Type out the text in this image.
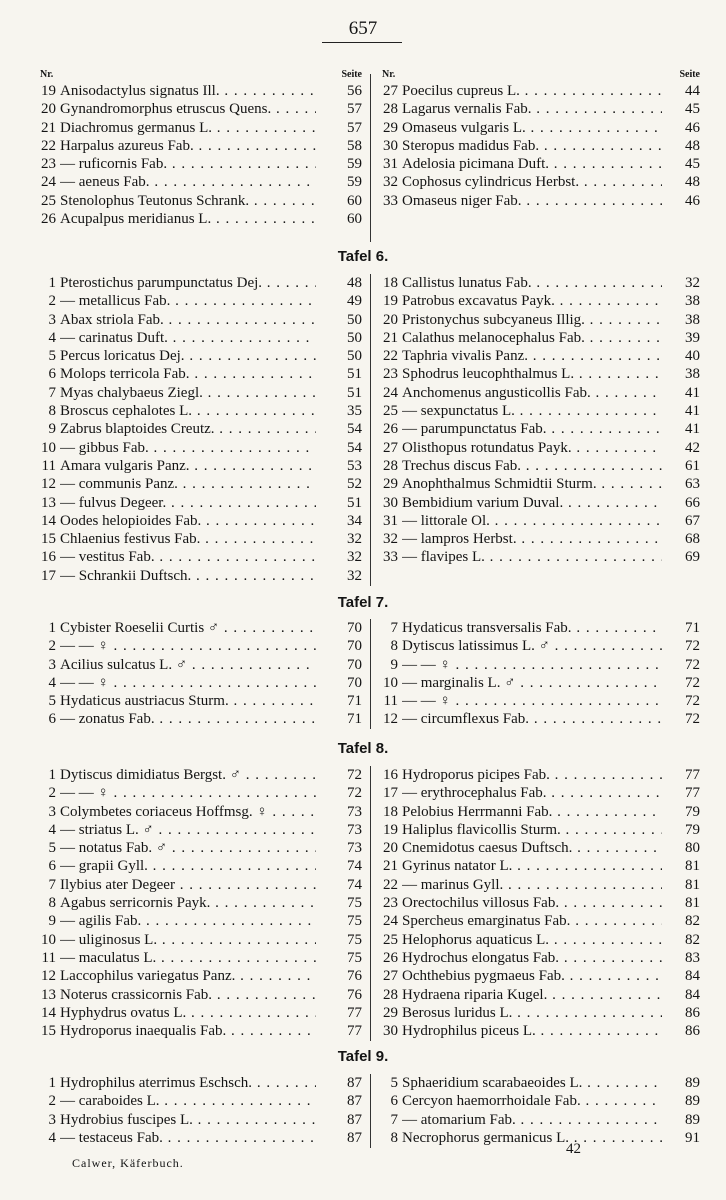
657
Nr.	Seite
19 Anisodactylus signatus Ill. . . .	56
20 Gynandromorphus etruscus Quens. . . .	57
21 Diachromus germanus L. . . .	57
22 Harpalus azureus Fab. . . .	58
23 — ruficornis Fab. . . .	59
24 — aeneus Fab. . . .	59
25 Stenolophus Teutonus Schrank. . . .	60
26 Acupalpus meridianus L. . . .	60
Nr.	Seite
27 Poecilus cupreus L. . . .	44
28 Lagarus vernalis Fab. . . .	45
29 Omaseus vulgaris L. . . .	46
30 Steropus madidus Fab. . . .	48
31 Adelosia picimana Duft. . . .	45
32 Cophosus cylindricus Herbst. . . .	48
33 Omaseus niger Fab. . . .	46
Tafel 6.
1 Pterostichus parumpunctatus Dej. . . .	48
2 — metallicus Fab. . . .	49
3 Abax striola Fab. . . .	50
4 — carinatus Duft. . . .	50
5 Percus loricatus Dej. . . .	50
6 Molops terricola Fab. . . .	51
7 Myas chalybaeus Ziegl. . . .	51
8 Broscus cephalotes L. . . .	35
9 Zabrus blaptoides Creutz. . . .	54
10 — gibbus Fab. . . .	54
11 Amara vulgaris Panz. . . .	53
12 — communis Panz. . . .	52
13 — fulvus Degeer. . . .	51
14 Oodes helopioides Fab. . . .	34
15 Chlaenius festivus Fab. . . .	32
16 — vestitus Fab. . . .	32
17 — Schrankii Duftsch. . . .	32
18 Callistus lunatus Fab. . . .	32
19 Patrobus excavatus Payk. . . .	38
20 Pristonychus subcyaneus Illig. . . .	38
21 Calathus melanocephalus Fab. . . .	39
22 Taphria vivalis Panz. . . .	40
23 Sphodrus leucophthalmus L. . . .	38
24 Anchomenus angusticollis Fab. . . .	41
25 — sexpunctatus L. . . .	41
26 — parumpunctatus Fab. . . .	41
27 Olisthopus rotundatus Payk. . . .	42
28 Trechus discus Fab. . . .	61
29 Anophthalmus Schmidtii Sturm. . . .	63
30 Bembidium varium Duval. . . .	66
31 — littorale Ol. . . .	67
32 — lampros Herbst. . . .	68
33 — flavipes L. . . .	69
Tafel 7.
1 Cybister Roeselii Curtis ♂ . . .	70
2 — — ♀ . . .	70
3 Acilius sulcatus L. ♂ . . .	70
4 — — ♀ . . .	70
5 Hydaticus austriacus Sturm. . . .	71
6 — zonatus Fab. . . .	71
7 Hydaticus transversalis Fab. . . .	71
8 Dytiscus latissimus L. ♂ . . .	72
9 — — ♀ . . .	72
10 — marginalis L. ♂ . . .	72
11 — — ♀ . . .	72
12 — circumflexus Fab. . . .	72
Tafel 8.
1 Dytiscus dimidiatus Bergst. ♂ . . .	72
2 — — ♀ . . .	72
3 Colymbetes coriaceus Hoffmsg. ♀ . . .	73
4 — striatus L. ♂ . . .	73
5 — notatus Fab. ♂ . . .	73
6 — grapii Gyll. . . .	74
7 Ilybius ater Degeer . . .	74
8 Agabus serricornis Payk. . . .	75
9 — agilis Fab. . . .	75
10 — uliginosus L. . . .	75
11 — maculatus L. . . .	75
12 Laccophilus variegatus Panz. . . .	76
13 Noterus crassicornis Fab. . . .	76
14 Hyphydrus ovatus L. . . .	77
15 Hydroporus inaequalis Fab. . . .	77
16 Hydroporus picipes Fab. . . .	77
17 — erythrocephalus Fab. . . .	77
18 Pelobius Herrmanni Fab. . . .	79
19 Haliplus flavicollis Sturm. . . .	79
20 Cnemidotus caesus Duftsch. . . .	80
21 Gyrinus natator L. . . .	81
22 — marinus Gyll. . . .	81
23 Orectochilus villosus Fab. . . .	81
24 Spercheus emarginatus Fab. . . .	82
25 Helophorus aquaticus L. . . .	82
26 Hydrochus elongatus Fab. . . .	83
27 Ochthebius pygmaeus Fab. . . .	84
28 Hydraena riparia Kugel. . . .	84
29 Berosus luridus L. . . .	86
30 Hydrophilus piceus L. . . .	86
Tafel 9.
1 Hydrophilus aterrimus Eschsch. . . .	87
2 — caraboides L. . . .	87
3 Hydrobius fuscipes L. . . .	87
4 — testaceus Fab. . . .	87
5 Sphaeridium scarabaeoides L. . . .	89
6 Cercyon haemorrhoidale Fab. . . .	89
7 — atomarium Fab. . . .	89
8 Necrophorus germanicus L. . . .	91
Calwer, Käferbuch.
42
